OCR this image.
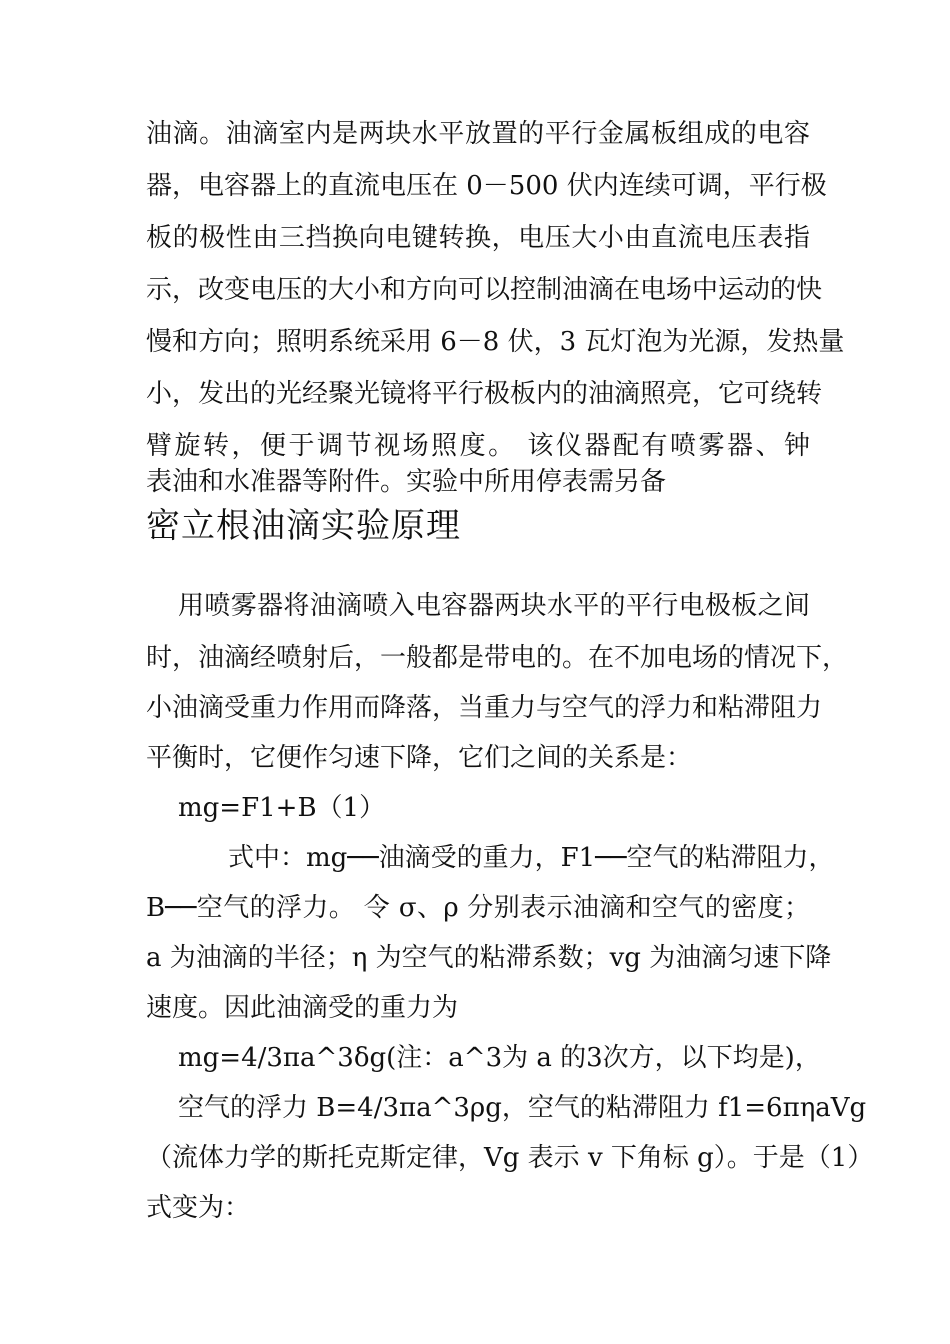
油滴。油滴室内是两块水平放置的平行金属板组成的电容
器，电容器上的直流电压在 0－500 伏内连续可调，平行极
板的极性由三挡换向电键转换，电压大小由直流电压表指
示，改变电压的大小和方向可以控制油滴在电场中运动的快
慢和方向；照明系统采用 6－8 伏，3 瓦灯泡为光源，发热量
小，发出的光经聚光镜将平行极板内的油滴照亮，它可绕转
臂旋转，便于调节视场照度。 该仪器配有喷雾器、钟
表油和水准器等附件。实验中所用停表需另备
密立根油滴实验原理
用喷雾器将油滴喷入电容器两块水平的平行电极板之间
时，油滴经喷射后，一般都是带电的。在不加电场的情况下，
小油滴受重力作用而降落，当重力与空气的浮力和粘滞阻力
平衡时，它便作匀速下降，它们之间的关系是：
mg=F1+B（1）
式中：mg──油滴受的重力，F1──空气的粘滞阻力，
B──空气的浮力。 令 σ、ρ 分别表示油滴和空气的密度；
a 为油滴的半径；η 为空气的粘滞系数；vg 为油滴匀速下降
速度。因此油滴受的重力为
mg=4/3πa^3δg(注：a^3为 a 的3次方，以下均是)，
空气的浮力 B=4/3πa^3ρg，空气的粘滞阻力 f1=6πηaVg
（流体力学的斯托克斯定律，Vg 表示 v 下角标 g）。于是（1）
式变为：
